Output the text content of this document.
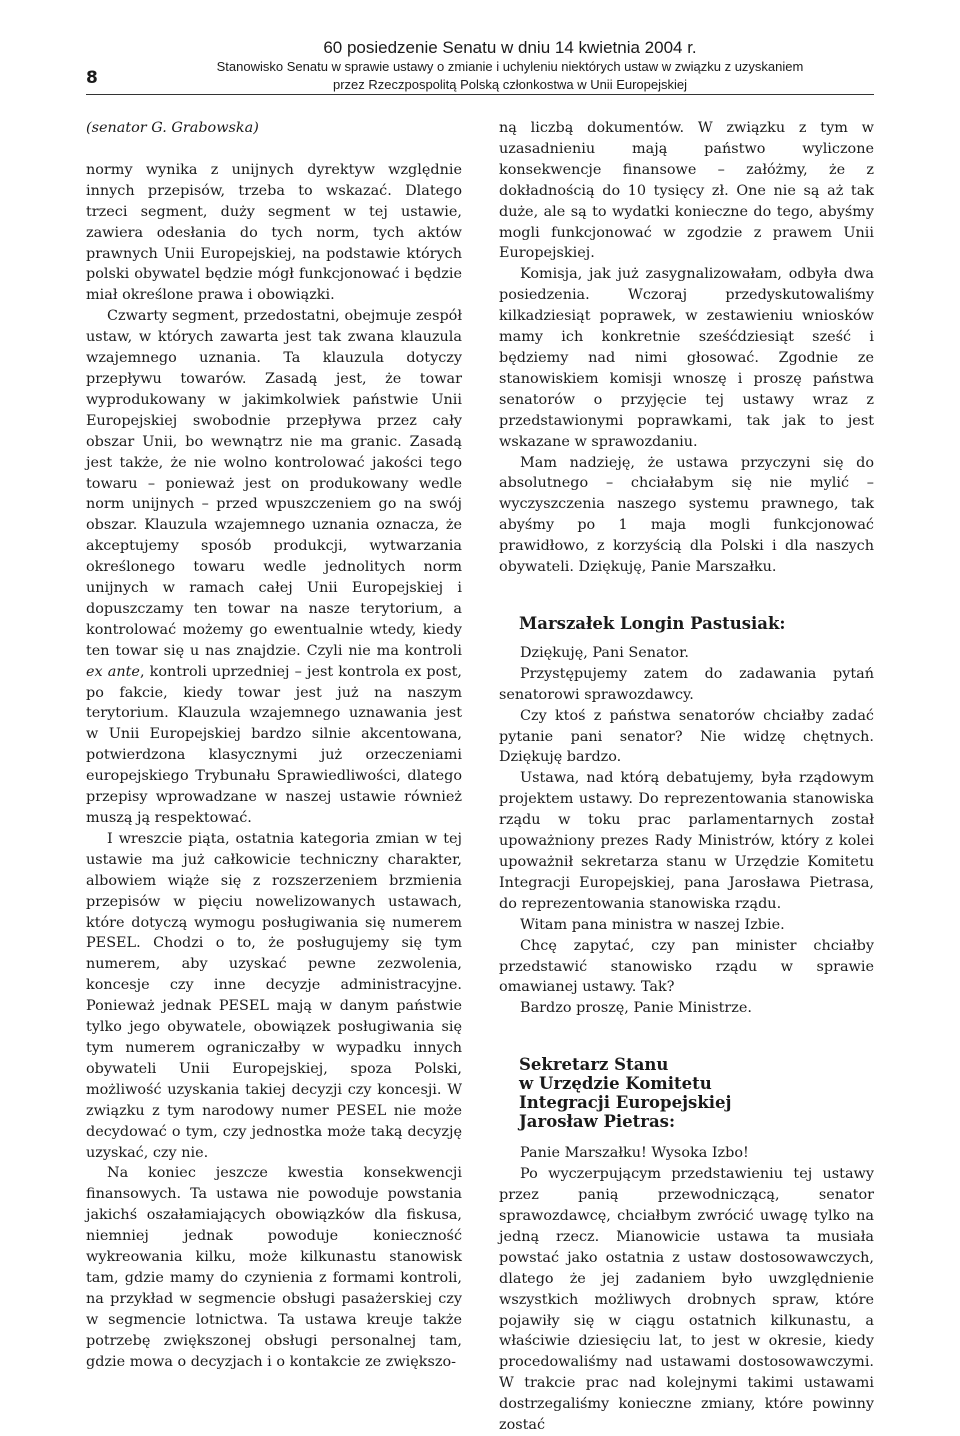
8
60 posiedzenie Senatu w dniu 14 kwietnia 2004 r.
Stanowisko Senatu w sprawie ustawy o zmianie i uchyleniu niektórych ustaw w związku z uzyskaniem
przez Rzeczpospolitą Polską członkostwa w Unii Europejskiej

(senator G. Grabowska)

normy wynika z unijnych dyrektyw względnie innych przepisów, trzeba to wskazać. Dlatego trzeci segment, duży segment w tej ustawie, zawiera odesłania do tych norm, tych aktów prawnych Unii Europejskiej, na podstawie których polski obywatel będzie mógł funkcjonować i będzie miał określone prawa i obowiązki.

Czwarty segment, przedostatni, obejmuje zespół ustaw, w których zawarta jest tak zwana klauzula wzajemnego uznania. Ta klauzula dotyczy przepływu towarów. Zasadą jest, że towar wyprodukowany w jakimkolwiek państwie Unii Europejskiej swobodnie przepływa przez cały obszar Unii, bo wewnątrz nie ma granic. Zasadą jest także, że nie wolno kontrolować jakości tego towaru – ponieważ jest on produkowany wedle norm unijnych – przed wpuszczeniem go na swój obszar. Klauzula wzajemnego uznania oznacza, że akceptujemy sposób produkcji, wytwarzania określonego towaru wedle jednolitych norm unijnych w ramach całej Unii Europejskiej i dopuszczamy ten towar na nasze terytorium, a kontrolować możemy go ewentualnie wtedy, kiedy ten towar się u nas znajdzie. Czyli nie ma kontroli ex ante, kontroli uprzedniej – jest kontrola ex post, po fakcie, kiedy towar jest już na naszym terytorium. Klauzula wzajemnego uznawania jest w Unii Europejskiej bardzo silnie akcentowana, potwierdzona klasycznymi już orzeczeniami europejskiego Trybunału Sprawiedliwości, dlatego przepisy wprowadzane w naszej ustawie również muszą ją respektować.

I wreszcie piąta, ostatnia kategoria zmian w tej ustawie ma już całkowicie techniczny charakter, albowiem wiąże się z rozszerzeniem brzmienia przepisów w pięciu nowelizowanych ustawach, które dotyczą wymogu posługiwania się numerem PESEL. Chodzi o to, że posługujemy się tym numerem, aby uzyskać pewne zezwolenia, koncesje czy inne decyzje administracyjne. Ponieważ jednak PESEL mają w danym państwie tylko jego obywatele, obowiązek posługiwania się tym numerem ograniczałby w wypadku innych obywateli Unii Europejskiej, spoza Polski, możliwość uzyskania takiej decyzji czy koncesji. W związku z tym narodowy numer PESEL nie może decydować o tym, czy jednostka może taką decyzję uzyskać, czy nie.

Na koniec jeszcze kwestia konsekwencji finansowych. Ta ustawa nie powoduje powstania jakichś oszałamiających obowiązków dla fiskusa, niemniej jednak powoduje konieczność wykreowania kilku, może kilkunastu stanowisk tam, gdzie mamy do czynienia z formami kontroli, na przykład w segmencie obsługi pasażerskiej czy w segmencie lotnictwa. Ta ustawa kreuje także potrzebę zwiększonej obsługi personalnej tam, gdzie mowa o decyzjach i o kontakcie ze zwiększo-

ną liczbą dokumentów. W związku z tym w uzasadnieniu mają państwo wyliczone konsekwencje finansowe – załóżmy, że z dokładnością do 10 tysięcy zł. One nie są aż tak duże, ale są to wydatki konieczne do tego, abyśmy mogli funkcjonować w zgodzie z prawem Unii Europejskiej.

Komisja, jak już zasygnalizowałam, odbyła dwa posiedzenia. Wczoraj przedyskutowaliśmy kilkadziesiąt poprawek, w zestawieniu wniosków mamy ich konkretnie sześćdziesiąt sześć i będziemy nad nimi głosować. Zgodnie ze stanowiskiem komisji wnoszę i proszę państwa senatorów o przyjęcie tej ustawy wraz z przedstawionymi poprawkami, tak jak to jest wskazane w sprawozdaniu.

Mam nadzieję, że ustawa przyczyni się do absolutnego – chciałabym się nie mylić – wyczyszczenia naszego systemu prawnego, tak abyśmy po 1 maja mogli funkcjonować prawidłowo, z korzyścią dla Polski i dla naszych obywateli. Dziękuję, Panie Marszałku.

Marszałek Longin Pastusiak:

Dziękuję, Pani Senator.

Przystępujemy zatem do zadawania pytań senatorowi sprawozdawcy.

Czy ktoś z państwa senatorów chciałby zadać pytanie pani senator? Nie widzę chętnych. Dziękuję bardzo.

Ustawa, nad którą debatujemy, była rządowym projektem ustawy. Do reprezentowania stanowiska rządu w toku prac parlamentarnych został upoważniony prezes Rady Ministrów, który z kolei upoważnił sekretarza stanu w Urzędzie Komitetu Integracji Europejskiej, pana Jarosława Pietrasa, do reprezentowania stanowiska rządu.

Witam pana ministra w naszej Izbie.

Chcę zapytać, czy pan minister chciałby przedstawić stanowisko rządu w sprawie omawianej ustawy. Tak?

Bardzo proszę, Panie Ministrze.

Sekretarz Stanu
w Urzędzie Komitetu
Integracji Europejskiej
Jarosław Pietras:

Panie Marszałku! Wysoka Izbo!

Po wyczerpującym przedstawieniu tej ustawy przez panią przewodniczącą, senator sprawozdawcę, chciałbym zwrócić uwagę tylko na jedną rzecz. Mianowicie ustawa ta musiała powstać jako ostatnia z ustaw dostosowawczych, dlatego że jej zadaniem było uwzględnienie wszystkich możliwych drobnych spraw, które pojawiły się w ciągu ostatnich kilkunastu, a właściwie dziesięciu lat, to jest w okresie, kiedy procedowaliśmy nad ustawami dostosowawczymi. W trakcie prac nad kolejnymi takimi ustawami dostrzegaliśmy konieczne zmiany, które powinny zostać
